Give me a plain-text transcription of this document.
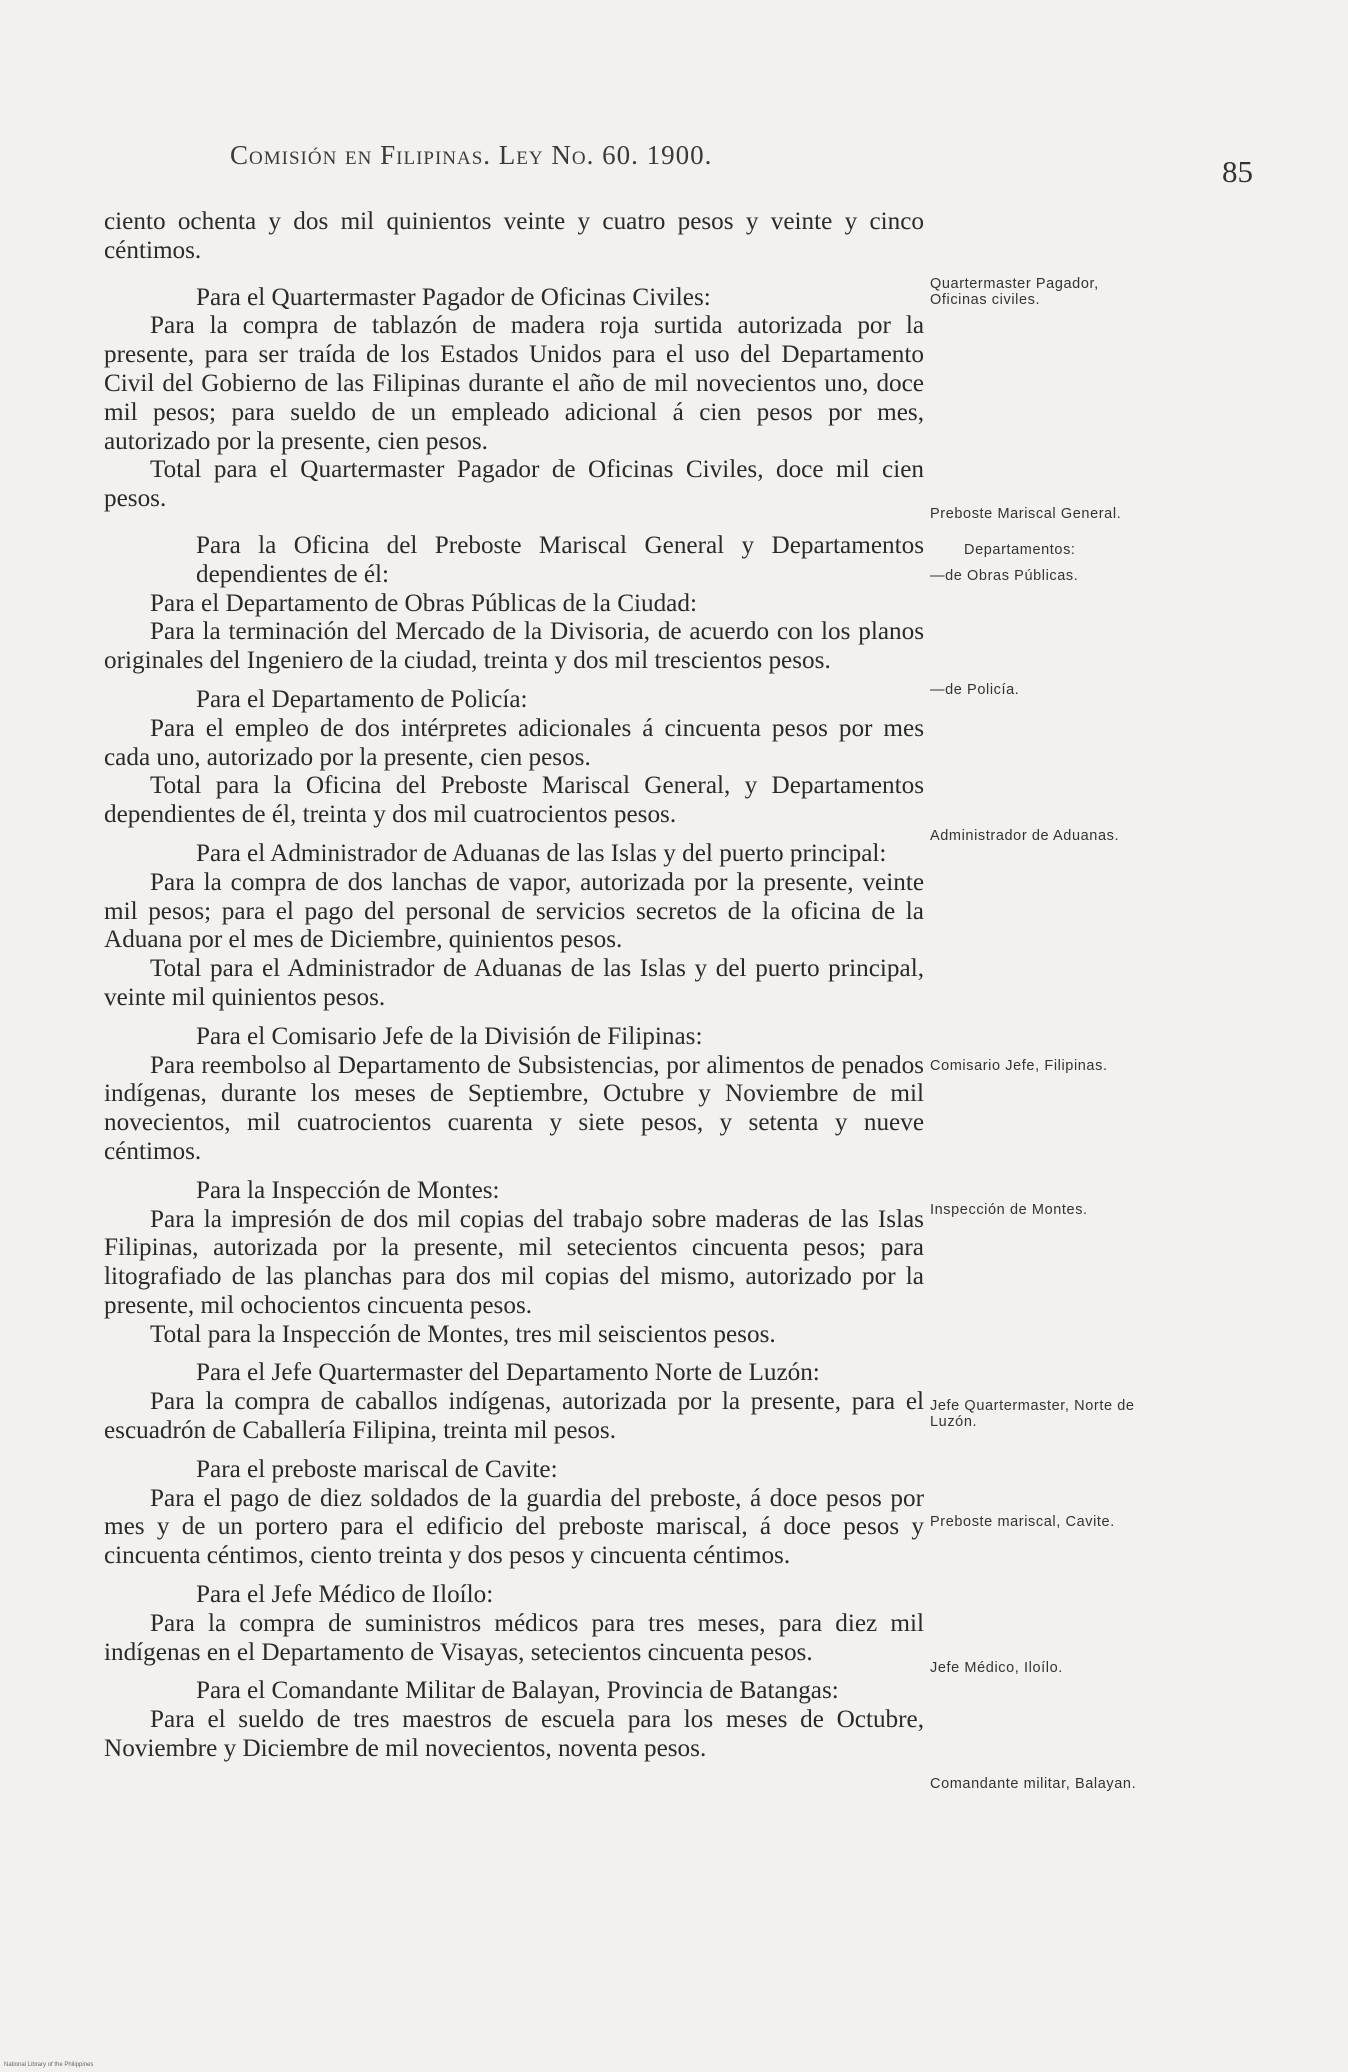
Comisión en Filipinas. Ley No. 60. 1900.	85

ciento ochenta y dos mil quinientos veinte y cuatro pesos y veinte y cinco céntimos.

Para el Quartermaster Pagador de Oficinas Civiles:

Para la compra de tablazón de madera roja surtida autorizada por la presente, para ser traída de los Estados Unidos para el uso del Departamento Civil del Gobierno de las Filipinas durante el año de mil novecientos uno, doce mil pesos; para sueldo de un empleado adicional á cien pesos por mes, autorizado por la presente, cien pesos.

Total para el Quartermaster Pagador de Oficinas Civiles, doce mil cien pesos.

Para la Oficina del Preboste Mariscal General y Departamentos dependientes de él:

Para el Departamento de Obras Públicas de la Ciudad:

Para la terminación del Mercado de la Divisoria, de acuerdo con los planos originales del Ingeniero de la ciudad, treinta y dos mil trescientos pesos.

Para el Departamento de Policía:

Para el empleo de dos intérpretes adicionales á cincuenta pesos por mes cada uno, autorizado por la presente, cien pesos.

Total para la Oficina del Preboste Mariscal General, y Departamentos dependientes de él, treinta y dos mil cuatrocientos pesos.

Para el Administrador de Aduanas de las Islas y del puerto principal:

Para la compra de dos lanchas de vapor, autorizada por la presente, veinte mil pesos; para el pago del personal de servicios secretos de la oficina de la Aduana por el mes de Diciembre, quinientos pesos.

Total para el Administrador de Aduanas de las Islas y del puerto principal, veinte mil quinientos pesos.

Para el Comisario Jefe de la División de Filipinas:

Para reembolso al Departamento de Subsistencias, por alimentos de penados indígenas, durante los meses de Septiembre, Octubre y Noviembre de mil novecientos, mil cuatrocientos cuarenta y siete pesos, y setenta y nueve céntimos.

Para la Inspección de Montes:

Para la impresión de dos mil copias del trabajo sobre maderas de las Islas Filipinas, autorizada por la presente, mil setecientos cincuenta pesos; para litografiado de las planchas para dos mil copias del mismo, autorizado por la presente, mil ochocientos cincuenta pesos.

Total para la Inspección de Montes, tres mil seiscientos pesos.

Para el Jefe Quartermaster del Departamento Norte de Luzón:

Para la compra de caballos indígenas, autorizada por la presente, para el escuadrón de Caballería Filipina, treinta mil pesos.

Para el preboste mariscal de Cavite:

Para el pago de diez soldados de la guardia del preboste, á doce pesos por mes y de un portero para el edificio del preboste mariscal, á doce pesos y cincuenta céntimos, ciento treinta y dos pesos y cincuenta céntimos.

Para el Jefe Médico de Iloílo:

Para la compra de suministros médicos para tres meses, para diez mil indígenas en el Departamento de Visayas, setecientos cincuenta pesos.

Para el Comandante Militar de Balayan, Provincia de Batangas:

Para el sueldo de tres maestros de escuela para los meses de Octubre, Noviembre y Diciembre de mil novecientos, noventa pesos.

Quartermaster Pagador, Oficinas civiles.
Preboste Mariscal General.
Departamentos:
—de Obras Públicas.
—de Policía.
Administrador de Aduanas.
Comisario Jefe, Filipinas.
Inspección de Montes.
Jefe Quartermaster, Norte de Luzón.
Preboste mariscal, Cavite.
Jefe Médico, Iloílo.
Comandante militar, Balayan.
National Library of the Philippines
